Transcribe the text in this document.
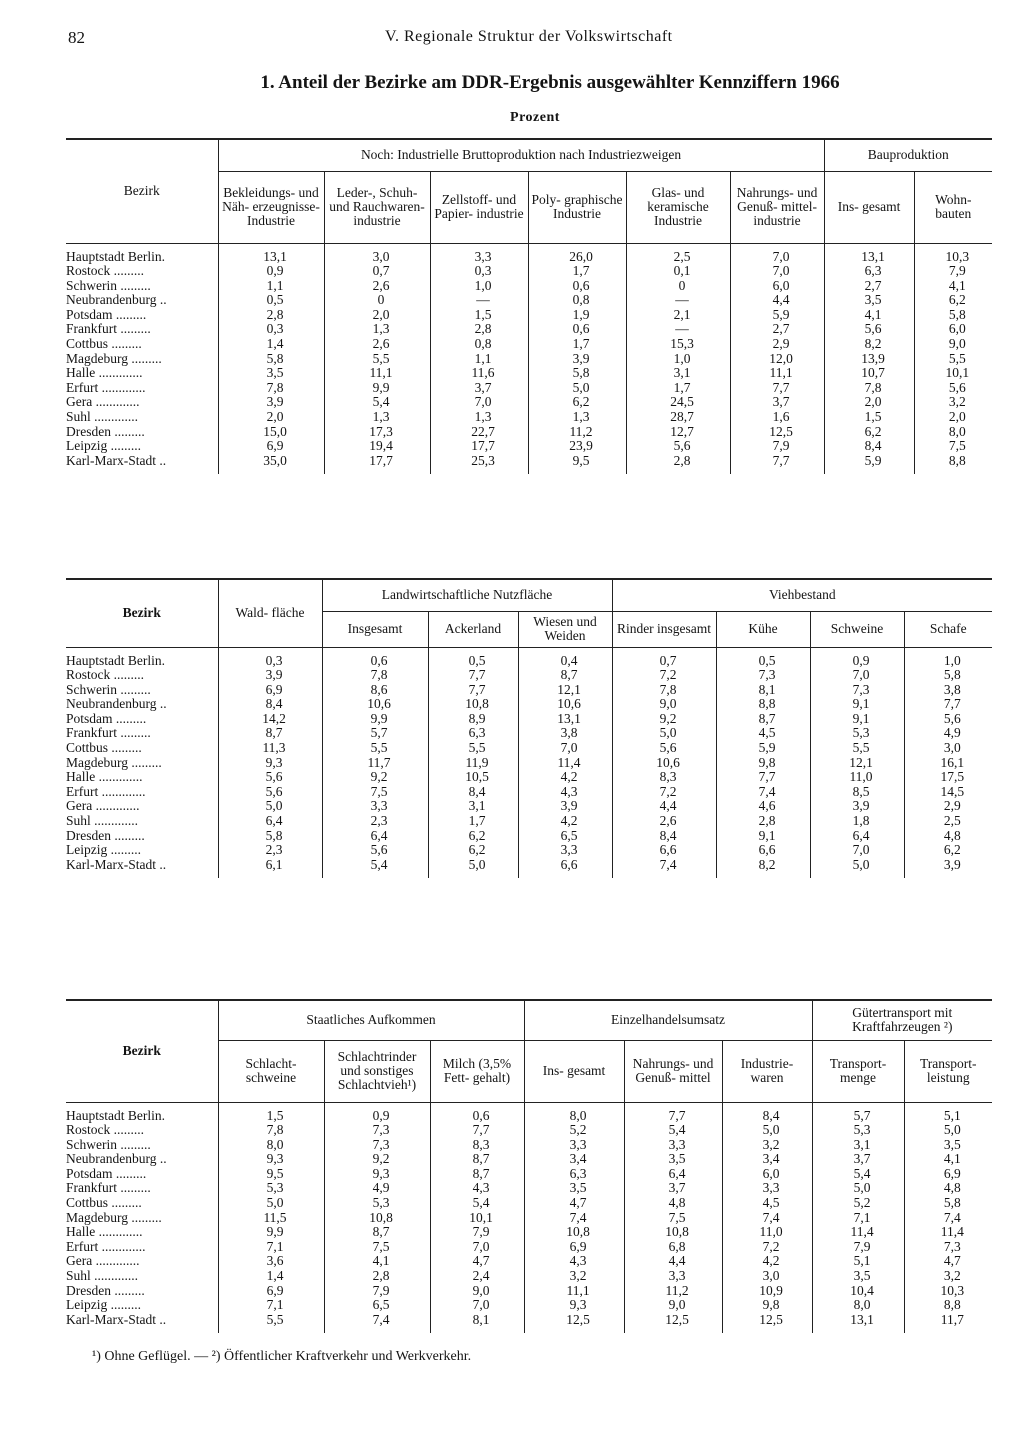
82	V. Regionale Struktur der Volkswirtschaft
1. Anteil der Bezirke am DDR-Ergebnis ausgewählter Kennziffern 1966
Prozent
Bezirk	Noch: Industrielle Bruttoproduktion nach Industriezweigen						Bauproduktion	
	Bekleidungs- und Näh- erzeugnisse- Industrie	Leder-, Schuh- und Rauchwaren- industrie	Zellstoff- und Papier- industrie	Poly- graphische Industrie	Glas- und keramische Industrie	Nahrungs- und Genuß- mittel- industrie	Ins- gesamt	Wohn- bauten
Hauptstadt Berlin.	13,1	3,0	3,3	26,0	2,5	7,0	13,1	10,3
Rostock .........	0,9	0,7	0,3	1,7	0,1	7,0	6,3	7,9
Schwerin .........	1,1	2,6	1,0	0,6	0	6,0	2,7	4,1
Neubrandenburg ..	0,5	0	—	0,8	—	4,4	3,5	6,2
Potsdam .........	2,8	2,0	1,5	1,9	2,1	5,9	4,1	5,8
Frankfurt .........	0,3	1,3	2,8	0,6	—	2,7	5,6	6,0
Cottbus .........	1,4	2,6	0,8	1,7	15,3	2,9	8,2	9,0
Magdeburg .........	5,8	5,5	1,1	3,9	1,0	12,0	13,9	5,5
Halle .............	3,5	11,1	11,6	5,8	3,1	11,1	10,7	10,1
Erfurt .............	7,8	9,9	3,7	5,0	1,7	7,7	7,8	5,6
Gera .............	3,9	5,4	7,0	6,2	24,5	3,7	2,0	3,2
Suhl .............	2,0	1,3	1,3	1,3	28,7	1,6	1,5	2,0
Dresden .........	15,0	17,3	22,7	11,2	12,7	12,5	6,2	8,0
Leipzig .........	6,9	19,4	17,7	23,9	5,6	7,9	8,4	7,5
Karl-Marx-Stadt ..	35,0	17,7	25,3	9,5	2,8	7,7	5,9	8,8
Bezirk	Wald- fläche	Landwirtschaftliche Nutzfläche			Viehbestand			
		Insgesamt	Ackerland	Wiesen und Weiden	Rinder insgesamt	Kühe	Schweine	Schafe
Hauptstadt Berlin.	0,3	0,6	0,5	0,4	0,7	0,5	0,9	1,0
Rostock .........	3,9	7,8	7,7	8,7	7,2	7,3	7,0	5,8
Schwerin .........	6,9	8,6	7,7	12,1	7,8	8,1	7,3	3,8
Neubrandenburg ..	8,4	10,6	10,8	10,6	9,0	8,8	9,1	7,7
Potsdam .........	14,2	9,9	8,9	13,1	9,2	8,7	9,1	5,6
Frankfurt .........	8,7	5,7	6,3	3,8	5,0	4,5	5,3	4,9
Cottbus .........	11,3	5,5	5,5	7,0	5,6	5,9	5,5	3,0
Magdeburg .........	9,3	11,7	11,9	11,4	10,6	9,8	12,1	16,1
Halle .............	5,6	9,2	10,5	4,2	8,3	7,7	11,0	17,5
Erfurt .............	5,6	7,5	8,4	4,3	7,2	7,4	8,5	14,5
Gera .............	5,0	3,3	3,1	3,9	4,4	4,6	3,9	2,9
Suhl .............	6,4	2,3	1,7	4,2	2,6	2,8	1,8	2,5
Dresden .........	5,8	6,4	6,2	6,5	8,4	9,1	6,4	4,8
Leipzig .........	2,3	5,6	6,2	3,3	6,6	6,6	7,0	6,2
Karl-Marx-Stadt ..	6,1	5,4	5,0	6,6	7,4	8,2	5,0	3,9
Bezirk	Staatliches Aufkommen			Einzelhandelsumsatz			Gütertransport mit Kraftfahrzeugen ²)	
	Schlacht- schweine	Schlachtrinder und sonstiges Schlachtvieh¹)	Milch (3,5% Fett- gehalt)	Ins- gesamt	Nahrungs- und Genuß- mittel	Industrie- waren	Transport- menge	Transport- leistung
Hauptstadt Berlin.	1,5	0,9	0,6	8,0	7,7	8,4	5,7	5,1
Rostock .........	7,8	7,3	7,7	5,2	5,4	5,0	5,3	5,0
Schwerin .........	8,0	7,3	8,3	3,3	3,3	3,2	3,1	3,5
Neubrandenburg ..	9,3	9,2	8,7	3,4	3,5	3,4	3,7	4,1
Potsdam .........	9,5	9,3	8,7	6,3	6,4	6,0	5,4	6,9
Frankfurt .........	5,3	4,9	4,3	3,5	3,7	3,3	5,0	4,8
Cottbus .........	5,0	5,3	5,4	4,7	4,8	4,5	5,2	5,8
Magdeburg .........	11,5	10,8	10,1	7,4	7,5	7,4	7,1	7,4
Halle .............	9,9	8,7	7,9	10,8	10,8	11,0	11,4	11,4
Erfurt .............	7,1	7,5	7,0	6,9	6,8	7,2	7,9	7,3
Gera .............	3,6	4,1	4,7	4,3	4,4	4,2	5,1	4,7
Suhl .............	1,4	2,8	2,4	3,2	3,3	3,0	3,5	3,2
Dresden .........	6,9	7,9	9,0	11,1	11,2	10,9	10,4	10,3
Leipzig .........	7,1	6,5	7,0	9,3	9,0	9,8	8,0	8,8
Karl-Marx-Stadt ..	5,5	7,4	8,1	12,5	12,5	12,5	13,1	11,7
¹) Ohne Geflügel. — ²) Öffentlicher Kraftverkehr und Werkverkehr.
